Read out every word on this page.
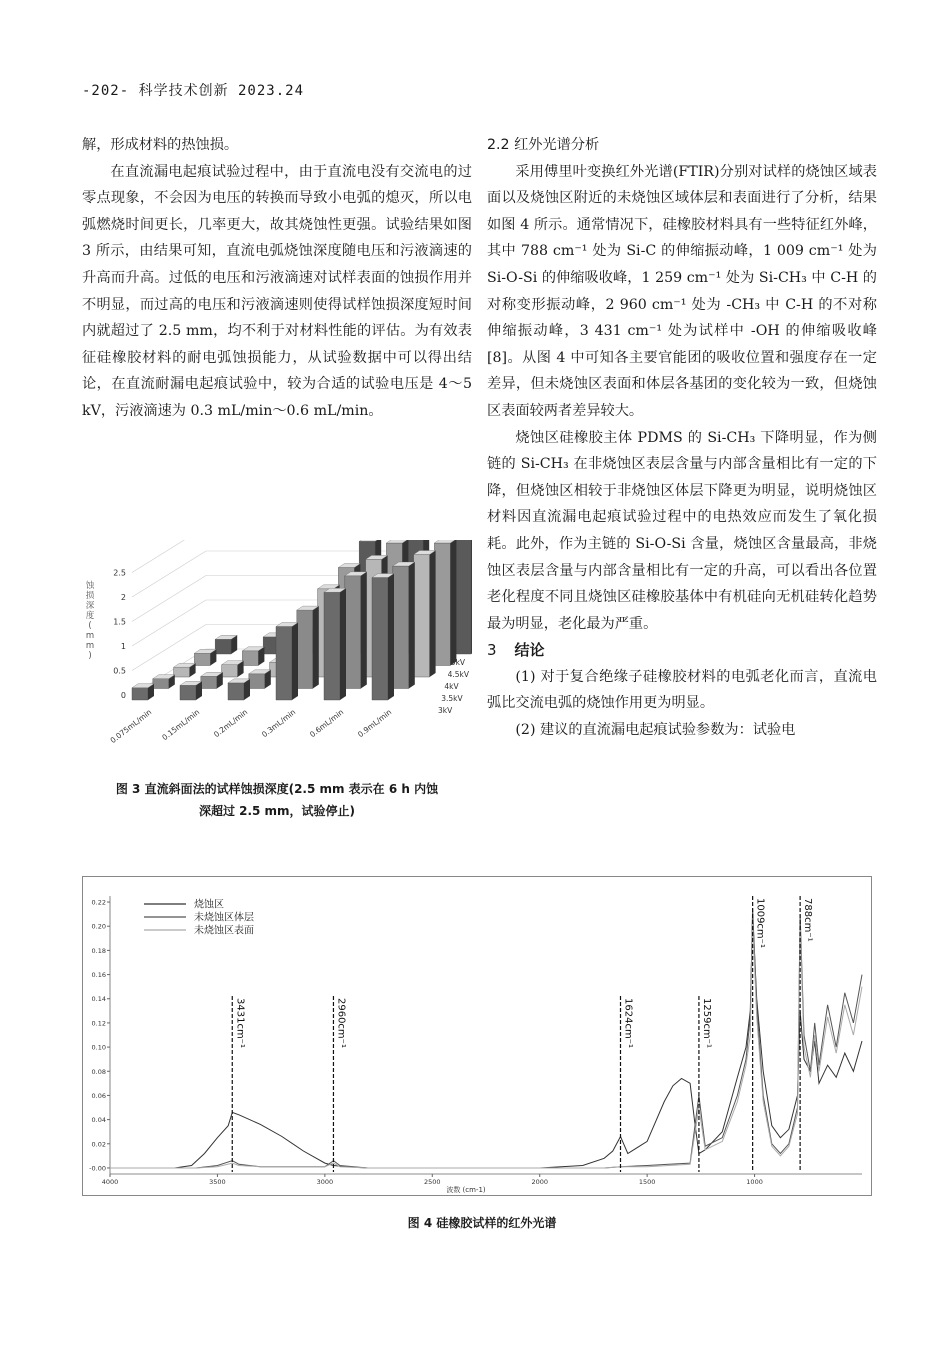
-202- 科学技术创新 2023.24

解，形成材料的热蚀损。

在直流漏电起痕试验过程中，由于直流电没有交流电的过零点现象，不会因为电压的转换而导致小电弧的熄灭，所以电弧燃烧时间更长，几率更大，故其烧蚀性更强。试验结果如图 3 所示，由结果可知，直流电弧烧蚀深度随电压和污液滴速的升高而升高。过低的电压和污液滴速对试样表面的蚀损作用并不明显，而过高的电压和污液滴速则使得试样蚀损深度短时间内就超过了 2.5 mm，均不利于对材料性能的评估。为有效表征硅橡胶材料的耐电弧蚀损能力，从试验数据中可以得出结论，在直流耐漏电起痕试验中，较为合适的试验电压是 4～5 kV，污液滴速为 0.3 mL/min～0.6 mL/min。

0
0.5
1
1.5
2
2.5
蚀
损
深
度
(
m
m
)
0.075mL/min 0.15mL/min 0.2mL/min 0.3mL/min 0.6mL/min 0.9mL/min	3kV
3.5kV
4kV
4.5kV
5kV
图 3 直流斜面法的试样蚀损深度(2.5 mm 表示在 6 h 内蚀
深超过 2.5 mm，试验停止)

2.2 红外光谱分析

采用傅里叶变换红外光谱(FTIR)分别对试样的烧蚀区域表面以及烧蚀区附近的未烧蚀区域体层和表面进行了分析，结果如图 4 所示。通常情况下，硅橡胶材料具有一些特征红外峰，其中 788 cm⁻¹ 处为 Si-C 的伸缩振动峰，1 009 cm⁻¹ 处为 Si-O-Si 的伸缩吸收峰，1 259 cm⁻¹ 处为 Si-CH₃ 中 C-H 的对称变形振动峰，2 960 cm⁻¹ 处为 -CH₃ 中 C-H 的不对称伸缩振动峰，3 431 cm⁻¹ 处为试样中 -OH 的伸缩吸收峰 [8]。从图 4 中可知各主要官能团的吸收位置和强度存在一定差异，但未烧蚀区表面和体层各基团的变化较为一致，但烧蚀区表面较两者差异较大。

烧蚀区硅橡胶主体 PDMS 的 Si-CH₃ 下降明显，作为侧链的 Si-CH₃ 在非烧蚀区表层含量与内部含量相比有一定的下降，但烧蚀区相较于非烧蚀区体层下降更为明显，说明烧蚀区材料因直流漏电起痕试验过程中的电热效应而发生了氧化损耗。此外，作为主链的 Si-O-Si 含量，烧蚀区含量最高，非烧蚀区表层含量与内部含量相比有一定的升高，可以看出各位置老化程度不同且烧蚀区硅橡胶基体中有机硅向无机硅转化趋势最为明显，老化最为严重。

3 结论

(1) 对于复合绝缘子硅橡胶材料的电弧老化而言，直流电弧比交流电弧的烧蚀作用更为明显。

(2) 建议的直流漏电起痕试验参数为：试验电

-0.00
0.02
0.04
0.06
0.08
0.10
0.12
0.14
0.16
0.18
0.20
0.22
4000	3500	3000	2500	2000	1500	1000
波数 (cm-1)
3431cm⁻¹	2960cm⁻¹	1624cm⁻¹	1259cm⁻¹
1009cm⁻¹	788cm⁻¹
烧蚀区
未烧蚀区体层
未烧蚀区表面
图 4 硅橡胶试样的红外光谱
